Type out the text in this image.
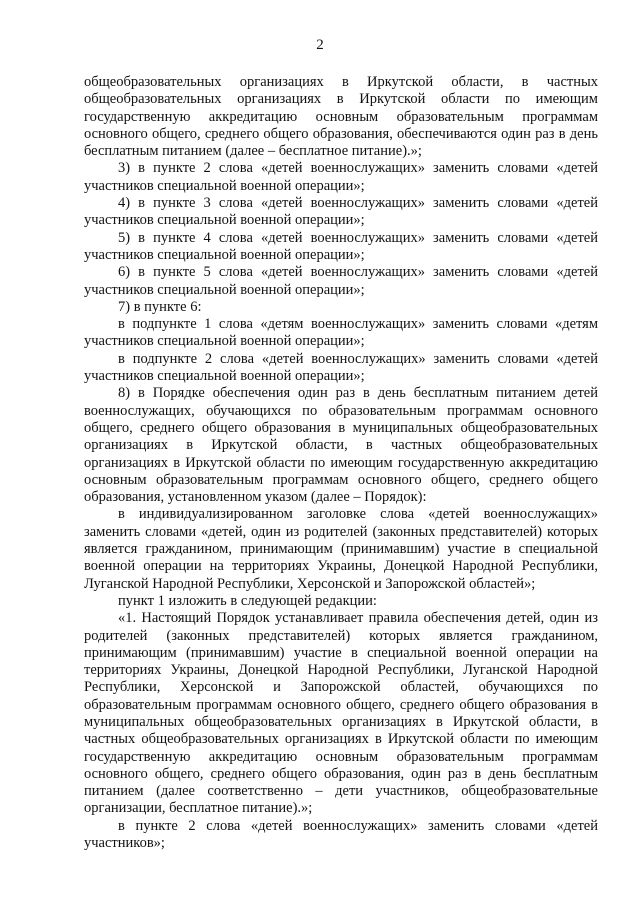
2

общеобразовательных организациях в Иркутской области, в частных общеобразовательных организациях в Иркутской области по имеющим государственную аккредитацию основным образовательным программам основного общего, среднего общего образования, обеспечиваются один раз в день бесплатным питанием (далее – бесплатное питание).»;

3) в пункте 2 слова «детей военнослужащих» заменить словами «детей участников специальной военной операции»;

4) в пункте 3 слова «детей военнослужащих» заменить словами «детей участников специальной военной операции»;

5) в пункте 4 слова «детей военнослужащих» заменить словами «детей участников специальной военной операции»;

6) в пункте 5 слова «детей военнослужащих» заменить словами «детей участников специальной военной операции»;

7) в пункте 6:

в подпункте 1 слова «детям военнослужащих» заменить словами «детям участников специальной военной операции»;

в подпункте 2 слова «детей военнослужащих» заменить словами «детей участников специальной военной операции»;

8) в Порядке обеспечения один раз в день бесплатным питанием детей военнослужащих, обучающихся по образовательным программам основного общего, среднего общего образования в муниципальных общеобразовательных организациях в Иркутской области, в частных общеобразовательных организациях в Иркутской области по имеющим государственную аккредитацию основным образовательным программам основного общего, среднего общего образования, установленном указом (далее – Порядок):

в индивидуализированном заголовке слова «детей военнослужащих» заменить словами «детей, один из родителей (законных представителей) которых является гражданином, принимающим (принимавшим) участие в специальной военной операции на территориях Украины, Донецкой Народной Республики, Луганской Народной Республики, Херсонской и Запорожской областей»;

пункт 1 изложить в следующей редакции:

«1. Настоящий Порядок устанавливает правила обеспечения детей, один из родителей (законных представителей) которых является гражданином, принимающим (принимавшим) участие в специальной военной операции на территориях Украины, Донецкой Народной Республики, Луганской Народной Республики, Херсонской и Запорожской областей, обучающихся по образовательным программам основного общего, среднего общего образования в муниципальных общеобразовательных организациях в Иркутской области, в частных общеобразовательных организациях в Иркутской области по имеющим государственную аккредитацию основным образовательным программам основного общего, среднего общего образования, один раз в день бесплатным питанием (далее соответственно – дети участников, общеобразовательные организации, бесплатное питание).»;

в пункте 2 слова «детей военнослужащих» заменить словами «детей участников»;
